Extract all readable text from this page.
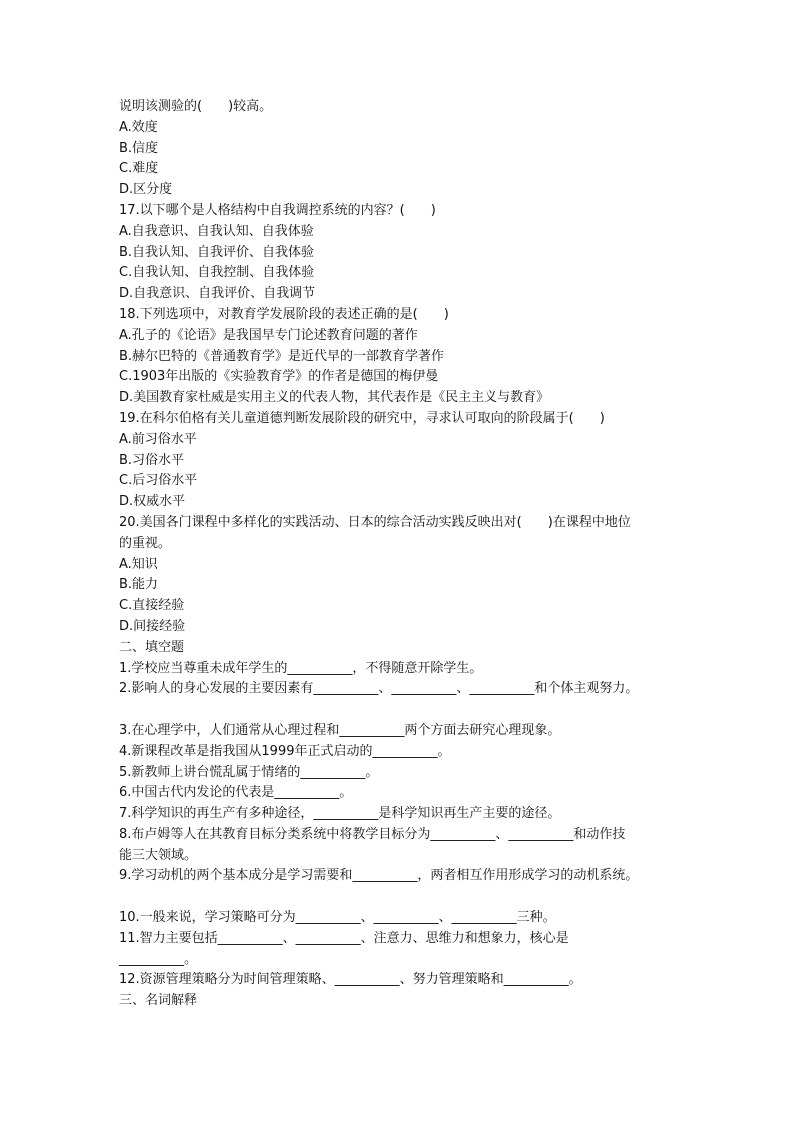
说明该测验的(　　)较高。
A.效度
B.信度
C.难度
D.区分度
17.以下哪个是人格结构中自我调控系统的内容？(　　)
A.自我意识、自我认知、自我体验
B.自我认知、自我评价、自我体验
C.自我认知、自我控制、自我体验
D.自我意识、自我评价、自我调节
18.下列选项中，对教育学发展阶段的表述正确的是(　　)
A.孔子的《论语》是我国早专门论述教育问题的著作
B.赫尔巴特的《普通教育学》是近代早的一部教育学著作
C.1903年出版的《实验教育学》的作者是德国的梅伊曼
D.美国教育家杜威是实用主义的代表人物，其代表作是《民主主义与教育》
19.在科尔伯格有关儿童道德判断发展阶段的研究中，寻求认可取向的阶段属于(　　)
A.前习俗水平
B.习俗水平
C.后习俗水平
D.权威水平
20.美国各门课程中多样化的实践活动、日本的综合活动实践反映出对(　　)在课程中地位
的重视。
A.知识
B.能力
C.直接经验
D.间接经验
二、填空题
1.学校应当尊重未成年学生的__________，不得随意开除学生。
2.影响人的身心发展的主要因素有__________、__________、__________和个体主观努力。
3.在心理学中，人们通常从心理过程和__________两个方面去研究心理现象。
4.新课程改革是指我国从1999年正式启动的__________。
5.新教师上讲台慌乱属于情绪的__________。
6.中国古代内发论的代表是__________。
7.科学知识的再生产有多种途径，__________是科学知识再生产主要的途径。
8.布卢姆等人在其教育目标分类系统中将教学目标分为__________、__________和动作技
能三大领域。
9.学习动机的两个基本成分是学习需要和__________，两者相互作用形成学习的动机系统。
10.一般来说，学习策略可分为__________、__________、__________三种。
11.智力主要包括__________、__________、注意力、思维力和想象力，核心是
__________。
12.资源管理策略分为时间管理策略、__________、努力管理策略和__________。
三、名词解释
